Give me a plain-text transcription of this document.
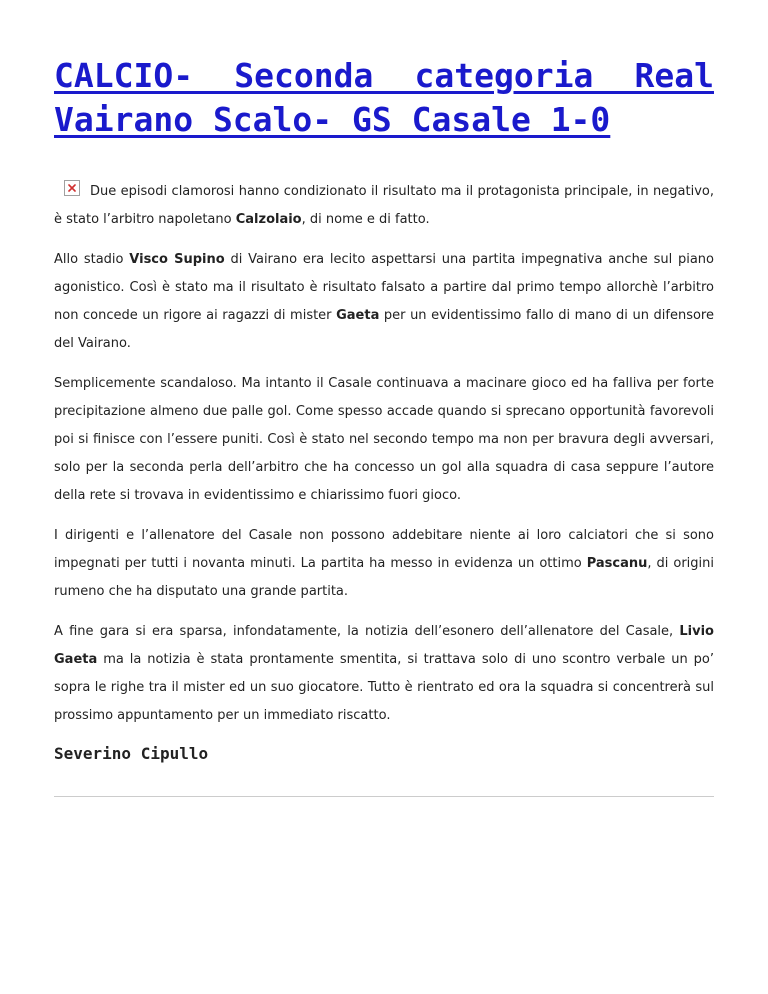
CALCIO- Seconda categoria Real Vairano Scalo- GS Casale 1-0

Due episodi clamorosi hanno condizionato il risultato ma il protagonista principale, in negativo, è stato l’arbitro napoletano Calzolaio, di nome e di fatto.

Allo stadio Visco Supino di Vairano era lecito aspettarsi una partita impegnativa anche sul piano agonistico. Così è stato ma il risultato è risultato falsato a partire dal primo tempo allorchè l’arbitro non concede un rigore ai ragazzi di mister Gaeta per un evidentissimo fallo di mano di un difensore del Vairano.

Semplicemente scandaloso. Ma intanto il Casale continuava a macinare gioco ed ha falliva per forte precipitazione almeno due palle gol. Come spesso accade quando si sprecano opportunità favorevoli poi si finisce con l’essere puniti. Così è stato nel secondo tempo ma non per bravura degli avversari, solo per la seconda perla dell’arbitro che ha concesso un gol alla squadra di casa seppure l’autore della rete si trovava in evidentissimo e chiarissimo fuori gioco.

I dirigenti e l’allenatore del Casale non possono addebitare niente ai loro calciatori che si sono impegnati per tutti i novanta minuti. La partita ha messo in evidenza un ottimo Pascanu, di origini rumeno che ha disputato una grande partita.

A fine gara si era sparsa, infondatamente, la notizia dell’esonero dell’allenatore del Casale, Livio Gaeta ma la notizia è stata prontamente smentita, si trattava solo di uno scontro verbale un po’ sopra le righe tra il mister ed un suo giocatore. Tutto è rientrato ed ora la squadra si concentrerà sul prossimo appuntamento per un immediato riscatto.

Severino Cipullo
